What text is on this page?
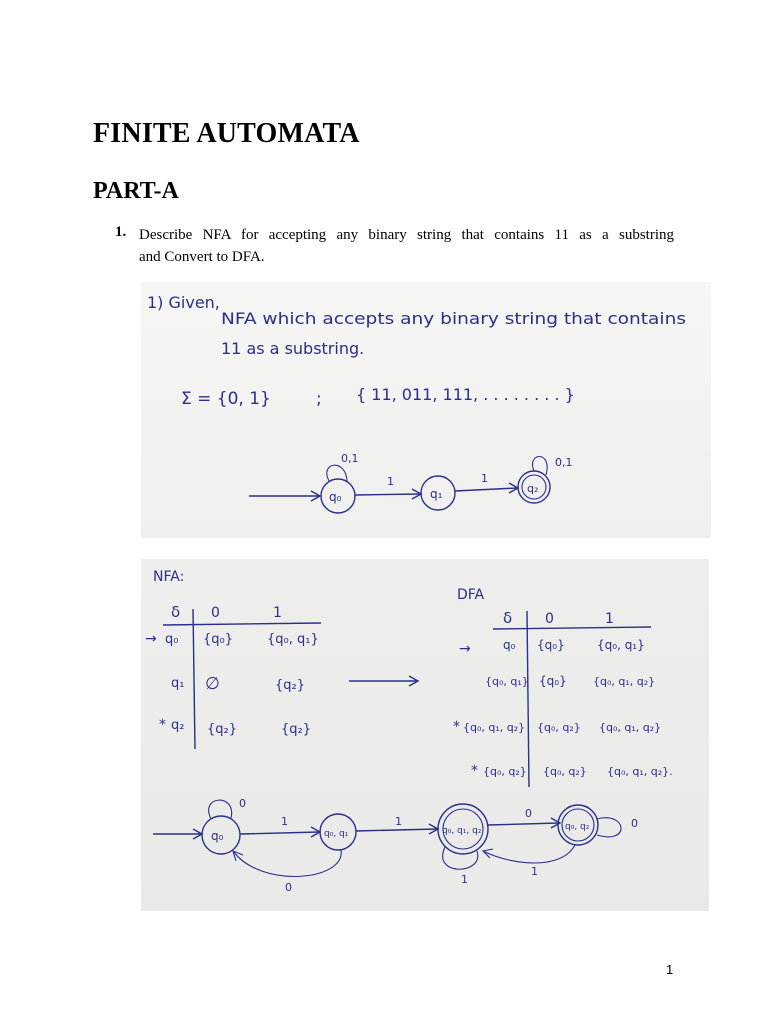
FINITE AUTOMATA
PART-A
1. Describe NFA for accepting any binary string that contains 11 as a substring
and Convert to DFA.
1) Given,
NFA which accepts any binary string that contains
11 as a substring.
Σ = {0, 1}	; { 11, 011, 111, . . . . . . . . }
q₀
0,1
1
q₁
1
q₂
0,1
NFA:
DFA
δ 0	1
→ q₀ {q₀}	{q₀, q₁}
q₁ ∅	{q₂}
* q₂ {q₂}	{q₂}
δ 0	1
→	q₀ {q₀}	{q₀, q₁}
{q₀, q₁} {q₀} {q₀, q₁, q₂}
* {q₀, q₁, q₂} {q₀, q₂} {q₀, q₁, q₂}
* {q₀, q₂} {q₀, q₂} {q₀, q₁, q₂}.
q₀
0
1
q₀, q₁
0
1
q₀, q₁, q₂
1
0
q₀, q₂
1
0
1
